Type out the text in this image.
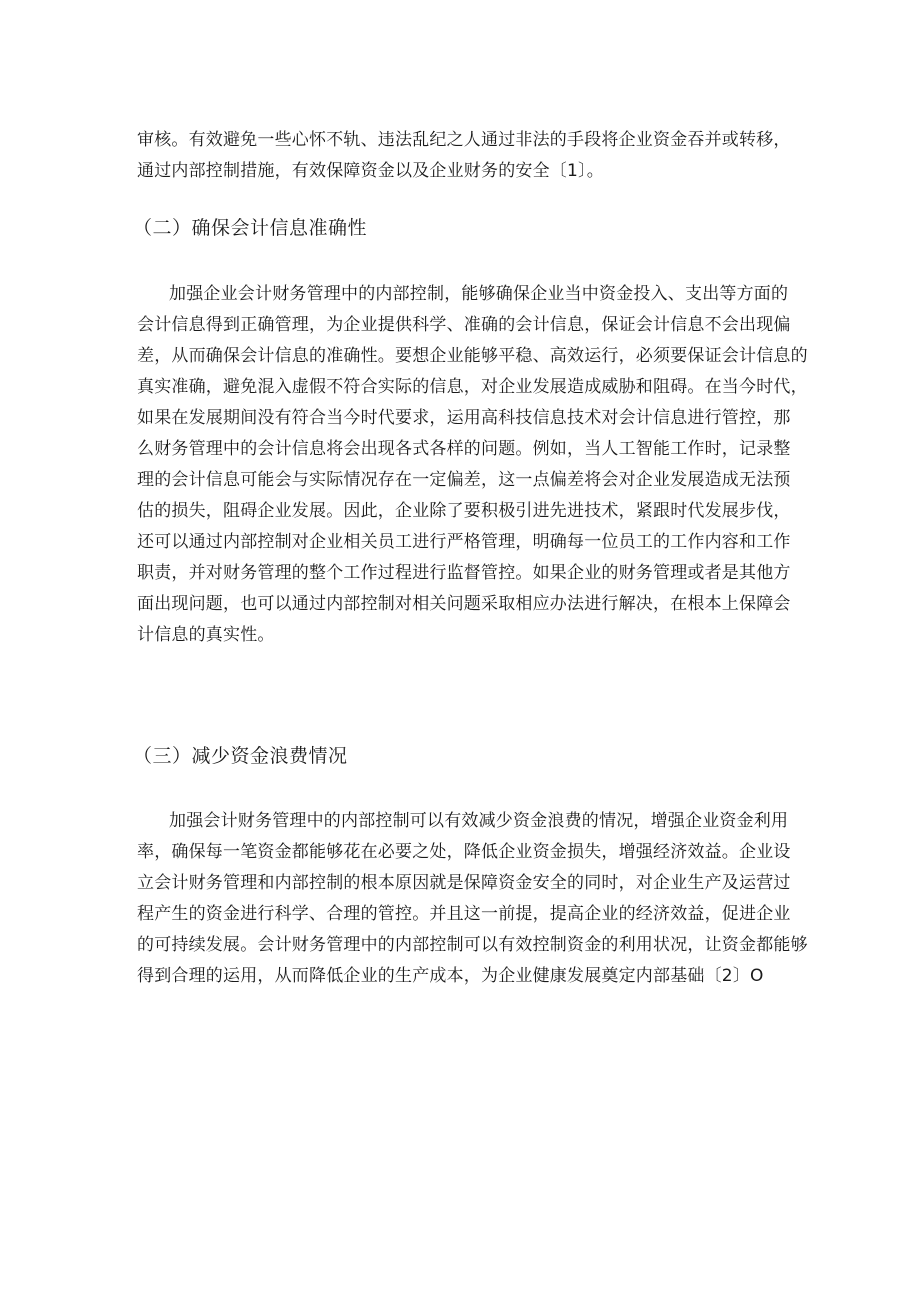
审核。有效避免一些心怀不轨、违法乱纪之人通过非法的手段将企业资金吞并或转移，
通过内部控制措施，有效保障资金以及企业财务的安全〔1〕。
（二）确保会计信息准确性
加强企业会计财务管理中的内部控制，能够确保企业当中资金投入、支出等方面的
会计信息得到正确管理，为企业提供科学、准确的会计信息，保证会计信息不会出现偏
差，从而确保会计信息的准确性。要想企业能够平稳、高效运行，必须要保证会计信息的
真实准确，避免混入虚假不符合实际的信息，对企业发展造成威胁和阻碍。在当今时代，
如果在发展期间没有符合当今时代要求，运用高科技信息技术对会计信息进行管控，那
么财务管理中的会计信息将会出现各式各样的问题。例如，当人工智能工作时，记录整
理的会计信息可能会与实际情况存在一定偏差，这一点偏差将会对企业发展造成无法预
估的损失，阻碍企业发展。因此，企业除了要积极引进先进技术，紧跟时代发展步伐，
还可以通过内部控制对企业相关员工进行严格管理，明确每一位员工的工作内容和工作
职责，并对财务管理的整个工作过程进行监督管控。如果企业的财务管理或者是其他方
面出现问题，也可以通过内部控制对相关问题采取相应办法进行解决，在根本上保障会
计信息的真实性。
（三）减少资金浪费情况
加强会计财务管理中的内部控制可以有效减少资金浪费的情况，增强企业资金利用
率，确保每一笔资金都能够花在必要之处，降低企业资金损失，增强经济效益。企业设
立会计财务管理和内部控制的根本原因就是保障资金安全的同时，对企业生产及运营过
程产生的资金进行科学、合理的管控。并且这一前提，提高企业的经济效益，促进企业
的可持续发展。会计财务管理中的内部控制可以有效控制资金的利用状况，让资金都能够
得到合理的运用，从而降低企业的生产成本，为企业健康发展奠定内部基础〔2〕O
